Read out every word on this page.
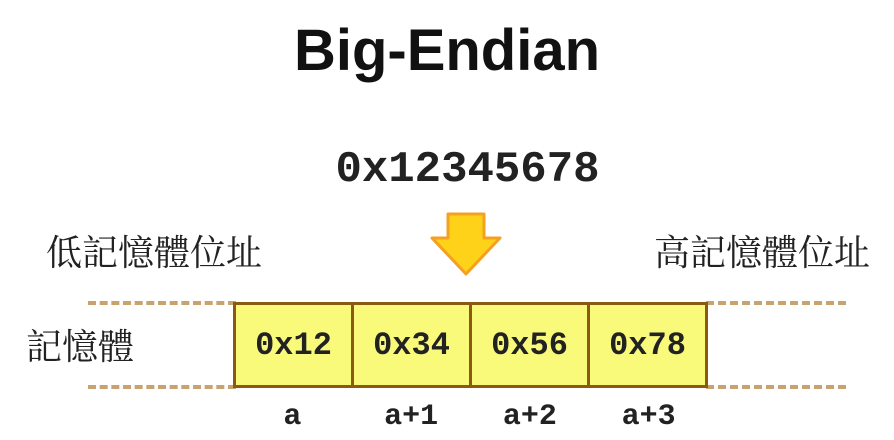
Big-Endian
0x12345678
低記憶體位址	高記憶體位址
記憶體	0x12	0x34	0x56	0x78
a	a+1	a+2	a+3
